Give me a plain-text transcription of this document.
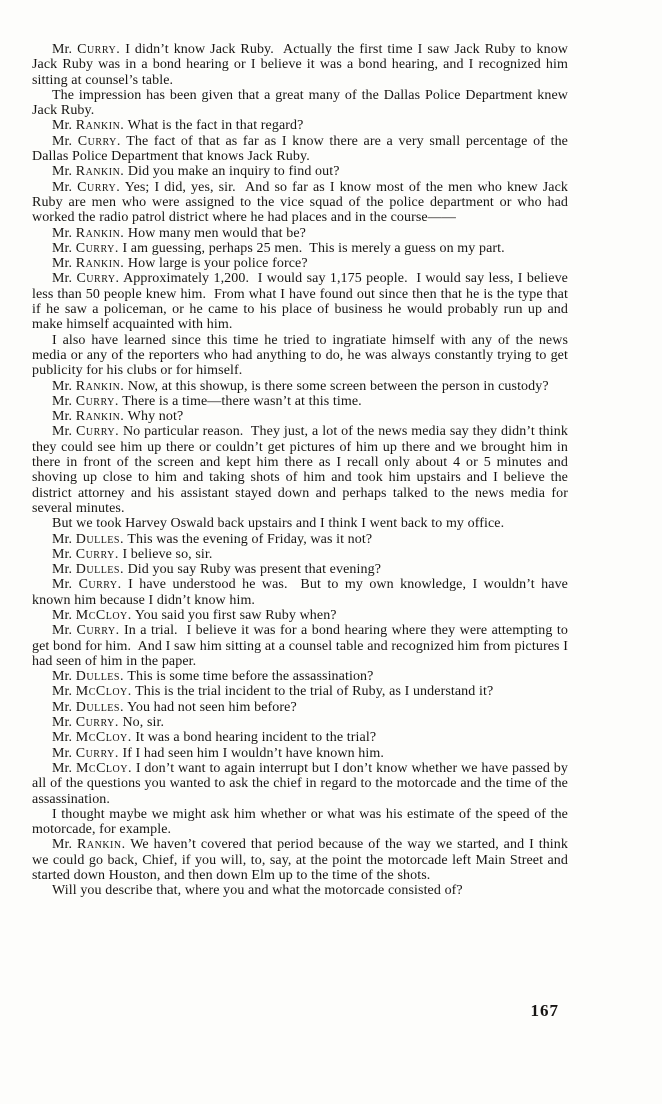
Mr. Curry. I didn’t know Jack Ruby.  Actually the first time I saw Jack Ruby to know Jack Ruby was in a bond hearing or I believe it was a bond hearing, and I recognized him sitting at counsel’s table.

The impression has been given that a great many of the Dallas Police Department knew Jack Ruby.

Mr. Rankin. What is the fact in that regard?

Mr. Curry. The fact of that as far as I know there are a very small percentage of the Dallas Police Department that knows Jack Ruby.

Mr. Rankin. Did you make an inquiry to find out?

Mr. Curry. Yes; I did, yes, sir.  And so far as I know most of the men who knew Jack Ruby are men who were assigned to the vice squad of the police department or who had worked the radio patrol district where he had places and in the course——

Mr. Rankin. How many men would that be?

Mr. Curry. I am guessing, perhaps 25 men.  This is merely a guess on my part.

Mr. Rankin. How large is your police force?

Mr. Curry. Approximately 1,200.  I would say 1,175 people.  I would say less, I believe less than 50 people knew him.  From what I have found out since then that he is the type that if he saw a policeman, or he came to his place of business he would probably run up and make himself acquainted with him.

I also have learned since this time he tried to ingratiate himself with any of the news media or any of the reporters who had anything to do, he was always constantly trying to get publicity for his clubs or for himself.

Mr. Rankin. Now, at this showup, is there some screen between the person in custody?

Mr. Curry. There is a time—there wasn’t at this time.

Mr. Rankin. Why not?

Mr. Curry. No particular reason.  They just, a lot of the news media say they didn’t think they could see him up there or couldn’t get pictures of him up there and we brought him in there in front of the screen and kept him there as I recall only about 4 or 5 minutes and shoving up close to him and taking shots of him and took him upstairs and I believe the district attorney and his assistant stayed down and perhaps talked to the news media for several minutes.

But we took Harvey Oswald back upstairs and I think I went back to my office.

Mr. Dulles. This was the evening of Friday, was it not?

Mr. Curry. I believe so, sir.

Mr. Dulles. Did you say Ruby was present that evening?

Mr. Curry. I have understood he was.  But to my own knowledge, I wouldn’t have known him because I didn’t know him.

Mr. McCloy. You said you first saw Ruby when?

Mr. Curry. In a trial.  I believe it was for a bond hearing where they were attempting to get bond for him.  And I saw him sitting at a counsel table and recognized him from pictures I had seen of him in the paper.

Mr. Dulles. This is some time before the assassination?

Mr. McCloy. This is the trial incident to the trial of Ruby, as I understand it?

Mr. Dulles. You had not seen him before?

Mr. Curry. No, sir.

Mr. McCloy. It was a bond hearing incident to the trial?

Mr. Curry. If I had seen him I wouldn’t have known him.

Mr. McCloy. I don’t want to again interrupt but I don’t know whether we have passed by all of the questions you wanted to ask the chief in regard to the motorcade and the time of the assassination.

I thought maybe we might ask him whether or what was his estimate of the speed of the motorcade, for example.

Mr. Rankin. We haven’t covered that period because of the way we started, and I think we could go back, Chief, if you will, to, say, at the point the motorcade left Main Street and started down Houston, and then down Elm up to the time of the shots.

Will you describe that, where you and what the motorcade consisted of?

167
